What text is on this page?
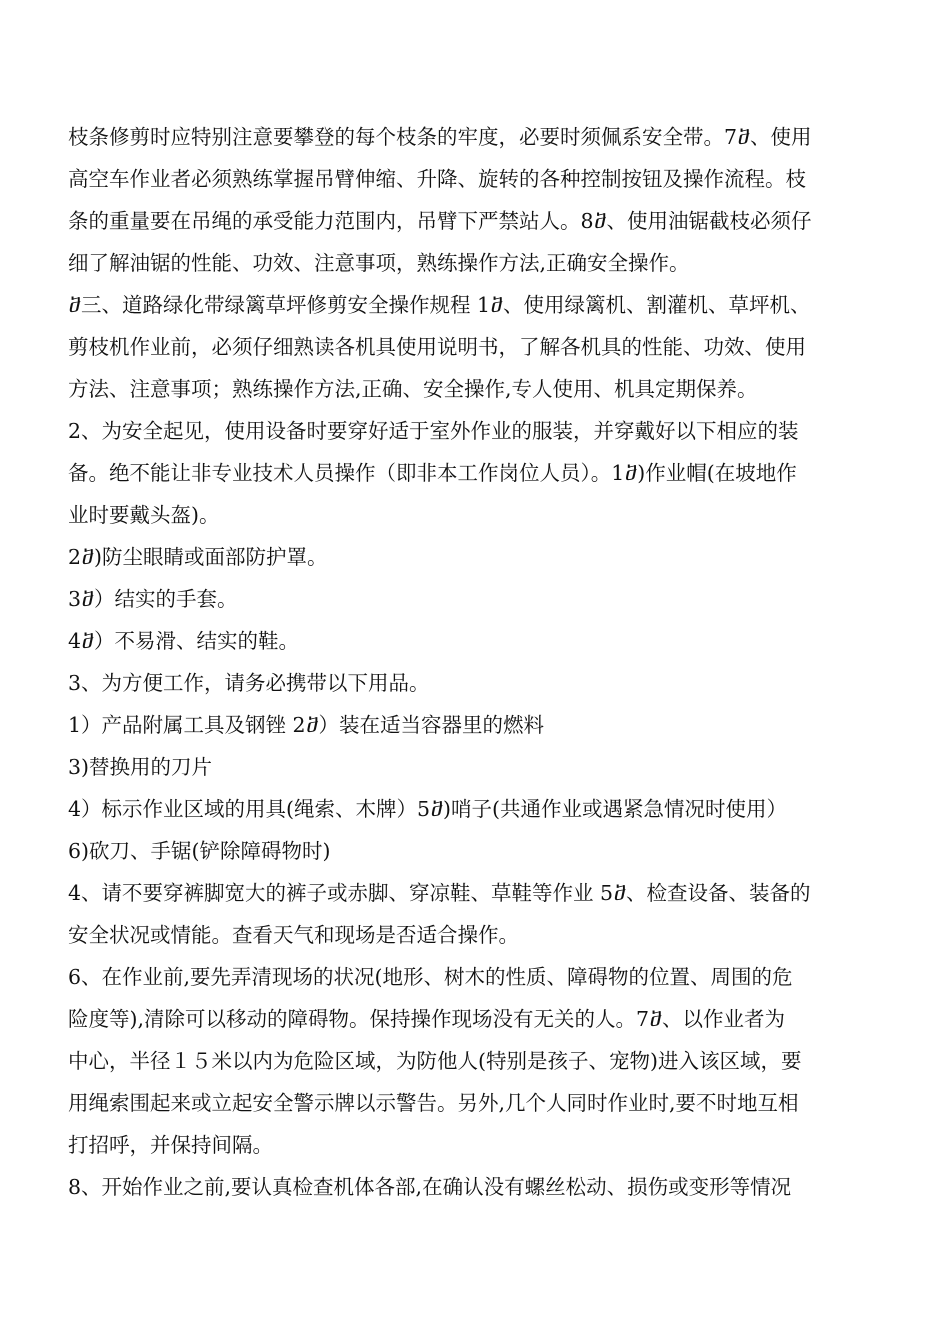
枝条修剪时应特别注意要攀登的每个枝条的牢度，必要时须佩系安全带。7ⴋ、使用
高空车作业者必须熟练掌握吊臂伸缩、升降、旋转的各种控制按钮及操作流程。枝
条的重量要在吊绳的承受能力范围内，吊臂下严禁站人。8ⴋ、使用油锯截枝必须仔
细了解油锯的性能、功效、注意事项，熟练操作方法,正确安全操作。
ⴋ三、道路绿化带绿篱草坪修剪安全操作规程 1ⴋ、使用绿篱机、割灌机、草坪机、
剪枝机作业前，必须仔细熟读各机具使用说明书，了解各机具的性能、功效、使用
方法、注意事项；熟练操作方法,正确、安全操作,专人使用、机具定期保养。
2、为安全起见，使用设备时要穿好适于室外作业的服装，并穿戴好以下相应的装
备。绝不能让非专业技术人员操作（即非本工作岗位人员）。1ⴋ)作业帽(在坡地作
业时要戴头盔)。
2ⴋ)防尘眼睛或面部防护罩。
3ⴋ）结实的手套。
4ⴋ）不易滑、结实的鞋。
3、为方便工作，请务必携带以下用品。
1）产品附属工具及钢锉 2ⴋ）装在适当容器里的燃料
3)替换用的刀片
4）标示作业区域的用具(绳索、木牌）5ⴋ)哨子(共通作业或遇紧急情况时使用）
6)砍刀、手锯(铲除障碍物时)
4、请不要穿裤脚宽大的裤子或赤脚、穿凉鞋、草鞋等作业 5ⴋ、检查设备、装备的
安全状况或情能。查看天气和现场是否适合操作。
6、在作业前,要先弄清现场的状况(地形、树木的性质、障碍物的位置、周围的危
险度等),清除可以移动的障碍物。保持操作现场没有无关的人。7ⴋ、以作业者为
中心，半径１５米以内为危险区域，为防他人(特别是孩子、宠物)进入该区域，要
用绳索围起来或立起安全警示牌以示警告。另外,几个人同时作业时,要不时地互相
打招呼，并保持间隔。
8、开始作业之前,要认真检查机体各部,在确认没有螺丝松动、损伤或变形等情况
